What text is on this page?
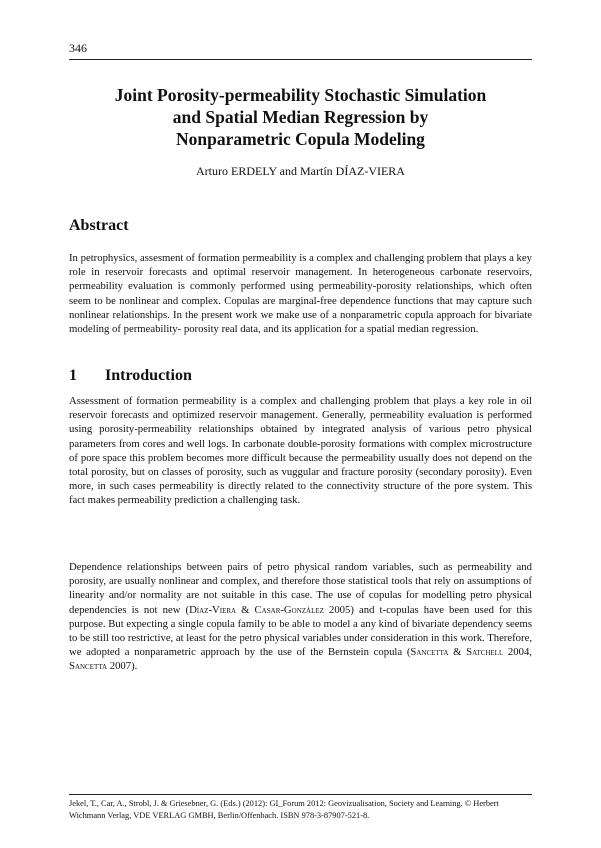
346
Joint Porosity-permeability Stochastic Simulation
and Spatial Median Regression by
Nonparametric Copula Modeling
Arturo ERDELY and Martín DÍAZ-VIERA
Abstract
In petrophysics, assesment of formation permeability is a complex and challenging problem that plays a key role in reservoir forecasts and optimal reservoir management. In heterogeneous carbonate reservoirs, permeability evaluation is commonly performed using permeability-porosity relationships, which often seem to be nonlinear and complex. Copulas are marginal-free dependence functions that may capture such nonlinear relationships. In the present work we make use of a nonparametric copula approach for bivariate modeling of permeability- porosity real data, and its application for a spatial median regression.
1 Introduction
Assessment of formation permeability is a complex and challenging problem that plays a key role in oil reservoir forecasts and optimized reservoir management. Generally, permeability evaluation is performed using porosity-permeability relationships obtained by integrated analysis of various petro physical parameters from cores and well logs. In carbonate double-porosity formations with complex microstructure of pore space this problem becomes more difficult because the permeability usually does not depend on the total porosity, but on classes of porosity, such as vuggular and fracture porosity (secondary porosity). Even more, in such cases permeability is directly related to the connectivity structure of the pore system. This fact makes permeability prediction a challenging task.
Dependence relationships between pairs of petro physical random variables, such as permeability and porosity, are usually nonlinear and complex, and therefore those statistical tools that rely on assumptions of linearity and/or normality are not suitable in this case. The use of copulas for modelling petro physical dependencies is not new (Díaz-Viera & Casar-González 2005) and t-copulas have been used for this purpose. But expecting a single copula family to be able to model a any kind of bivariate dependency seems to be still too restrictive, at least for the petro physical variables under consideration in this work. Therefore, we adopted a nonparametric approach by the use of the Bernstein copula (Sancetta & Satchell 2004, Sancetta 2007).
Jekel, T., Car, A., Strobl, J. & Griesebner, G. (Eds.) (2012): GI_Forum 2012: Geovizualisation, Society and Learning. © Herbert Wichmann Verlag, VDE VERLAG GMBH, Berlin/Offenbach. ISBN 978-3-87907-521-8.
